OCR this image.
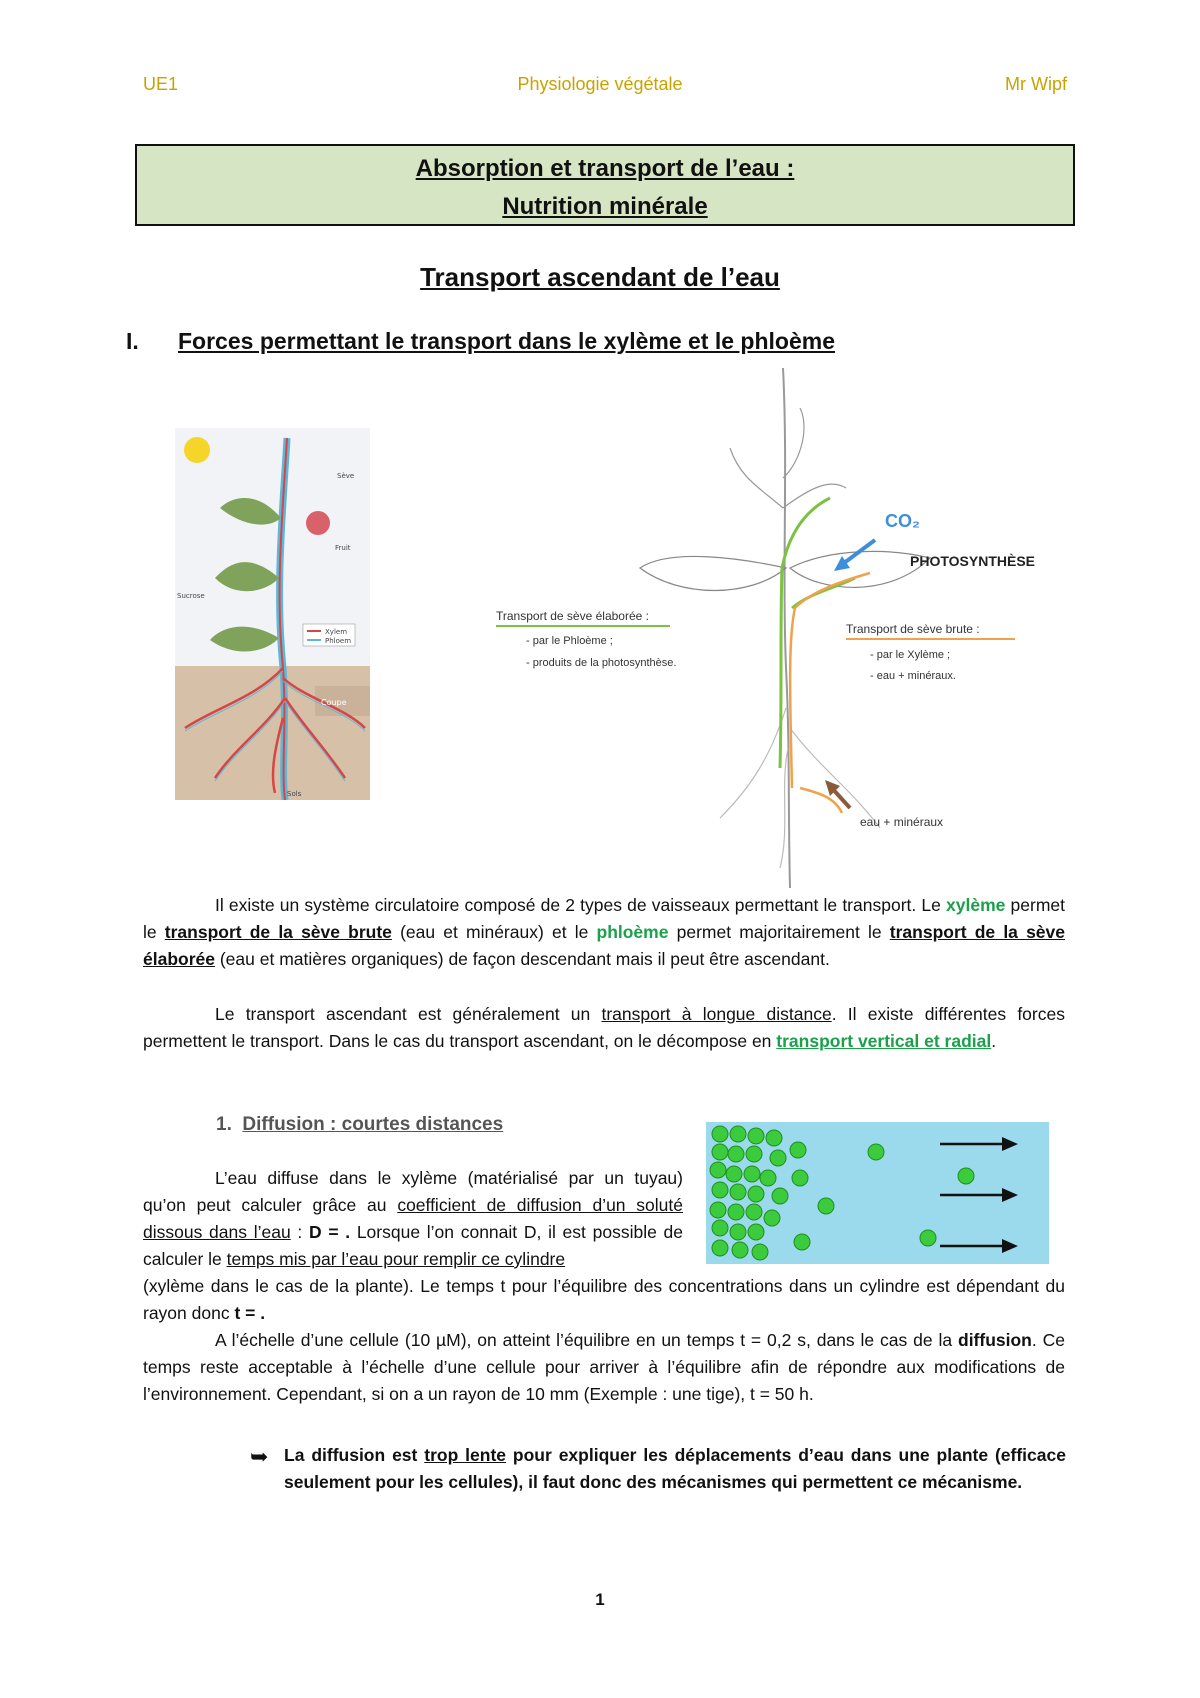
UE1	Physiologie végétale	Mr Wipf
Absorption et transport de l’eau :
Nutrition minérale
Transport ascendant de l’eau
I. Forces permettant le transport dans le xylème et le phloème
Sève
Fruit
Sucrose
Xylem
Phloem
Coupe
Sols
CO₂
PHOTOSYNTHÈSE
Transport de sève élaborée :
- par le Phloème ;
- produits de la photosynthèse.
Transport de sève brute :
- par le Xylème ;
- eau + minéraux.
eau + minéraux
Il existe un système circulatoire composé de 2 types de vaisseaux permettant le transport. Le xylème permet le transport de la sève brute (eau et minéraux) et le phloème permet majoritairement le transport de la sève élaborée (eau et matières organiques) de façon descendant mais il peut être ascendant.
Le transport ascendant est généralement un transport à longue distance. Il existe différentes forces permettent le transport. Dans le cas du transport ascendant, on le décompose en transport vertical et radial.
1. Diffusion : courtes distances
L’eau diffuse dans le xylème (matérialisé par un tuyau) qu’on peut calculer grâce au coefficient de diffusion d’un soluté dissous dans l’eau : D = . Lorsque l’on connait D, il est possible de calculer le temps mis par l’eau pour remplir ce cylindre
(xylème dans le cas de la plante). Le temps t pour l’équilibre des concentrations dans un cylindre est dépendant du rayon donc t = .
A l’échelle d’une cellule (10 µM), on atteint l’équilibre en un temps t = 0,2 s, dans le cas de la diffusion. Ce temps reste acceptable à l’échelle d’une cellule pour arriver à l’équilibre afin de répondre aux modifications de l’environnement. Cependant, si on a un rayon de 10 mm (Exemple : une tige), t = 50 h.
➥ La diffusion est trop lente pour expliquer les déplacements d’eau dans une plante (efficace seulement pour les cellules), il faut donc des mécanismes qui permettent ce mécanisme.
1
